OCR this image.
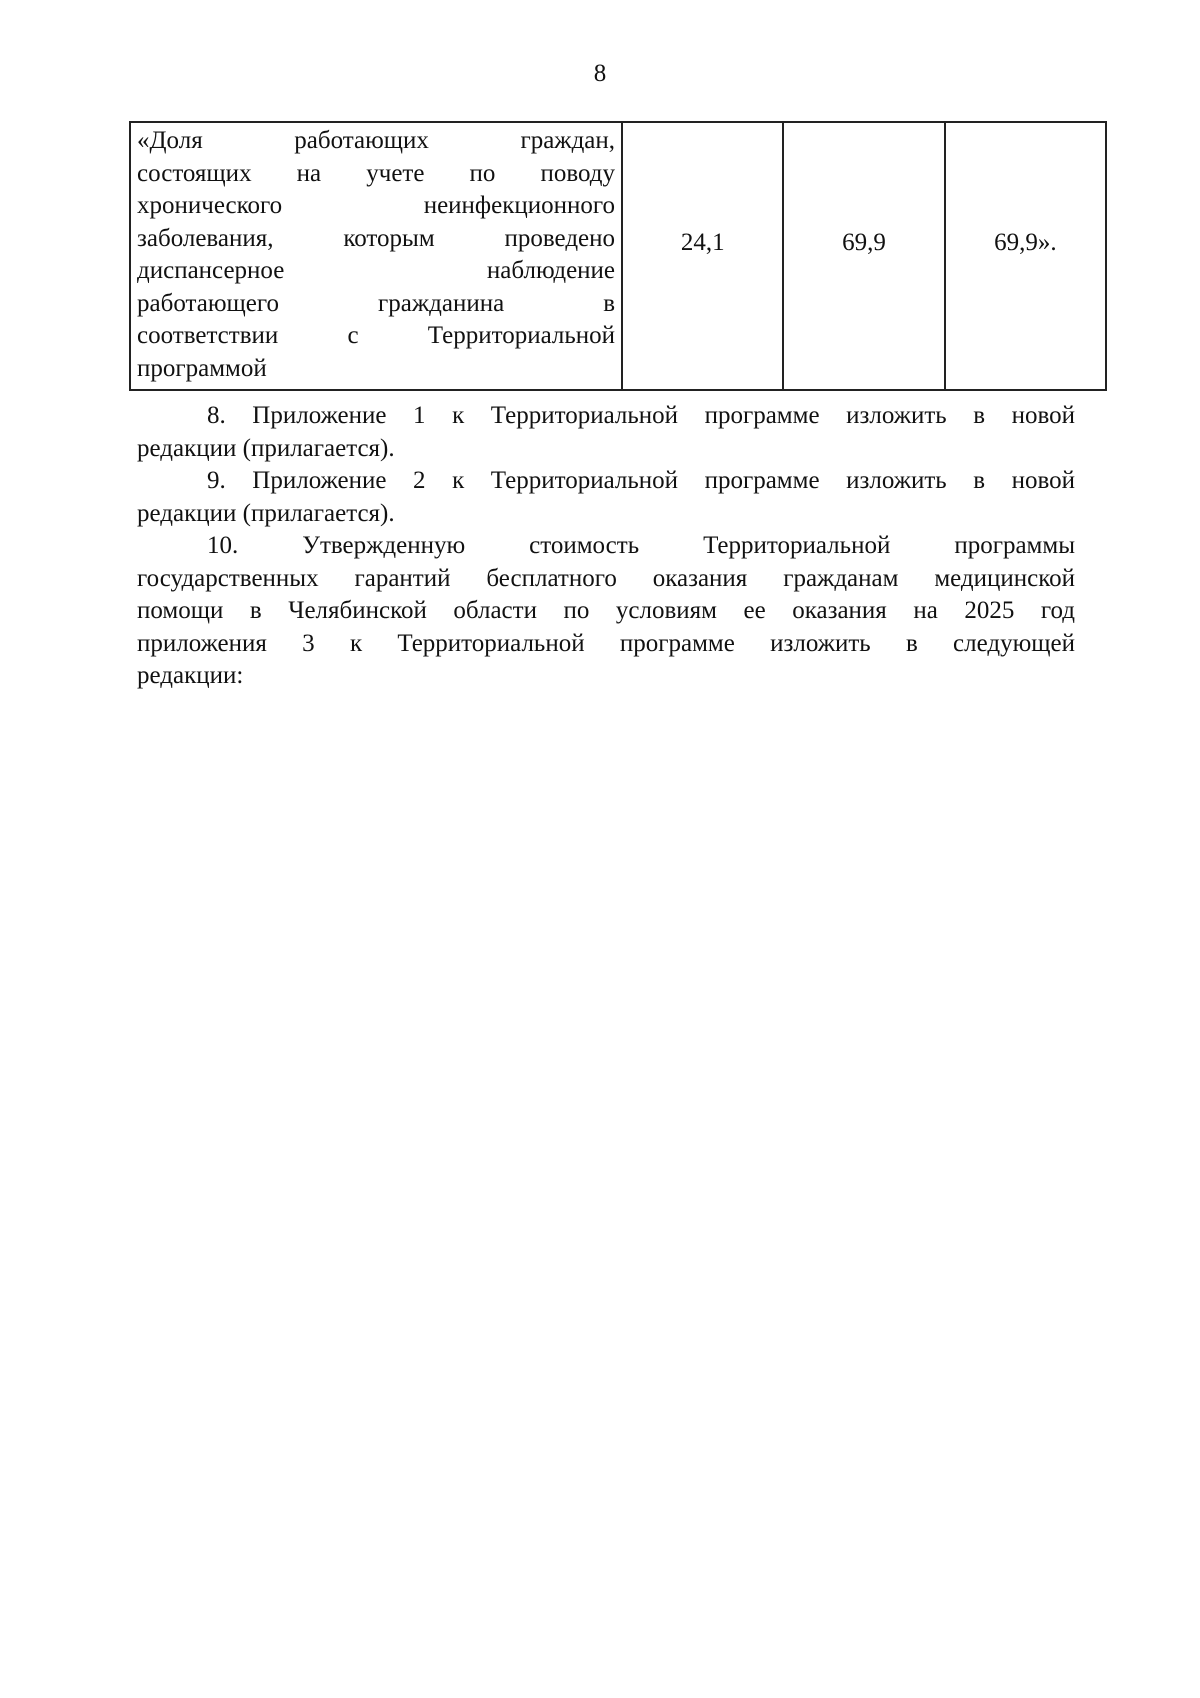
8
«Доля работающих граждан,
состоящих на учете по поводу
хронического неинфекционного
заболевания, которым проведено
диспансерное наблюдение
работающего гражданина в
соответствии с Территориальной
программой
	24,1	69,9	69,9».
8. Приложение 1 к Территориальной программе изложить в новой
редакции (прилагается).
9. Приложение 2 к Территориальной программе изложить в новой
редакции (прилагается).
10. Утвержденную стоимость Территориальной программы
государственных гарантий бесплатного оказания гражданам медицинской
помощи в Челябинской области по условиям ее оказания на 2025 год
приложения 3 к Территориальной программе изложить в следующей
редакции:
